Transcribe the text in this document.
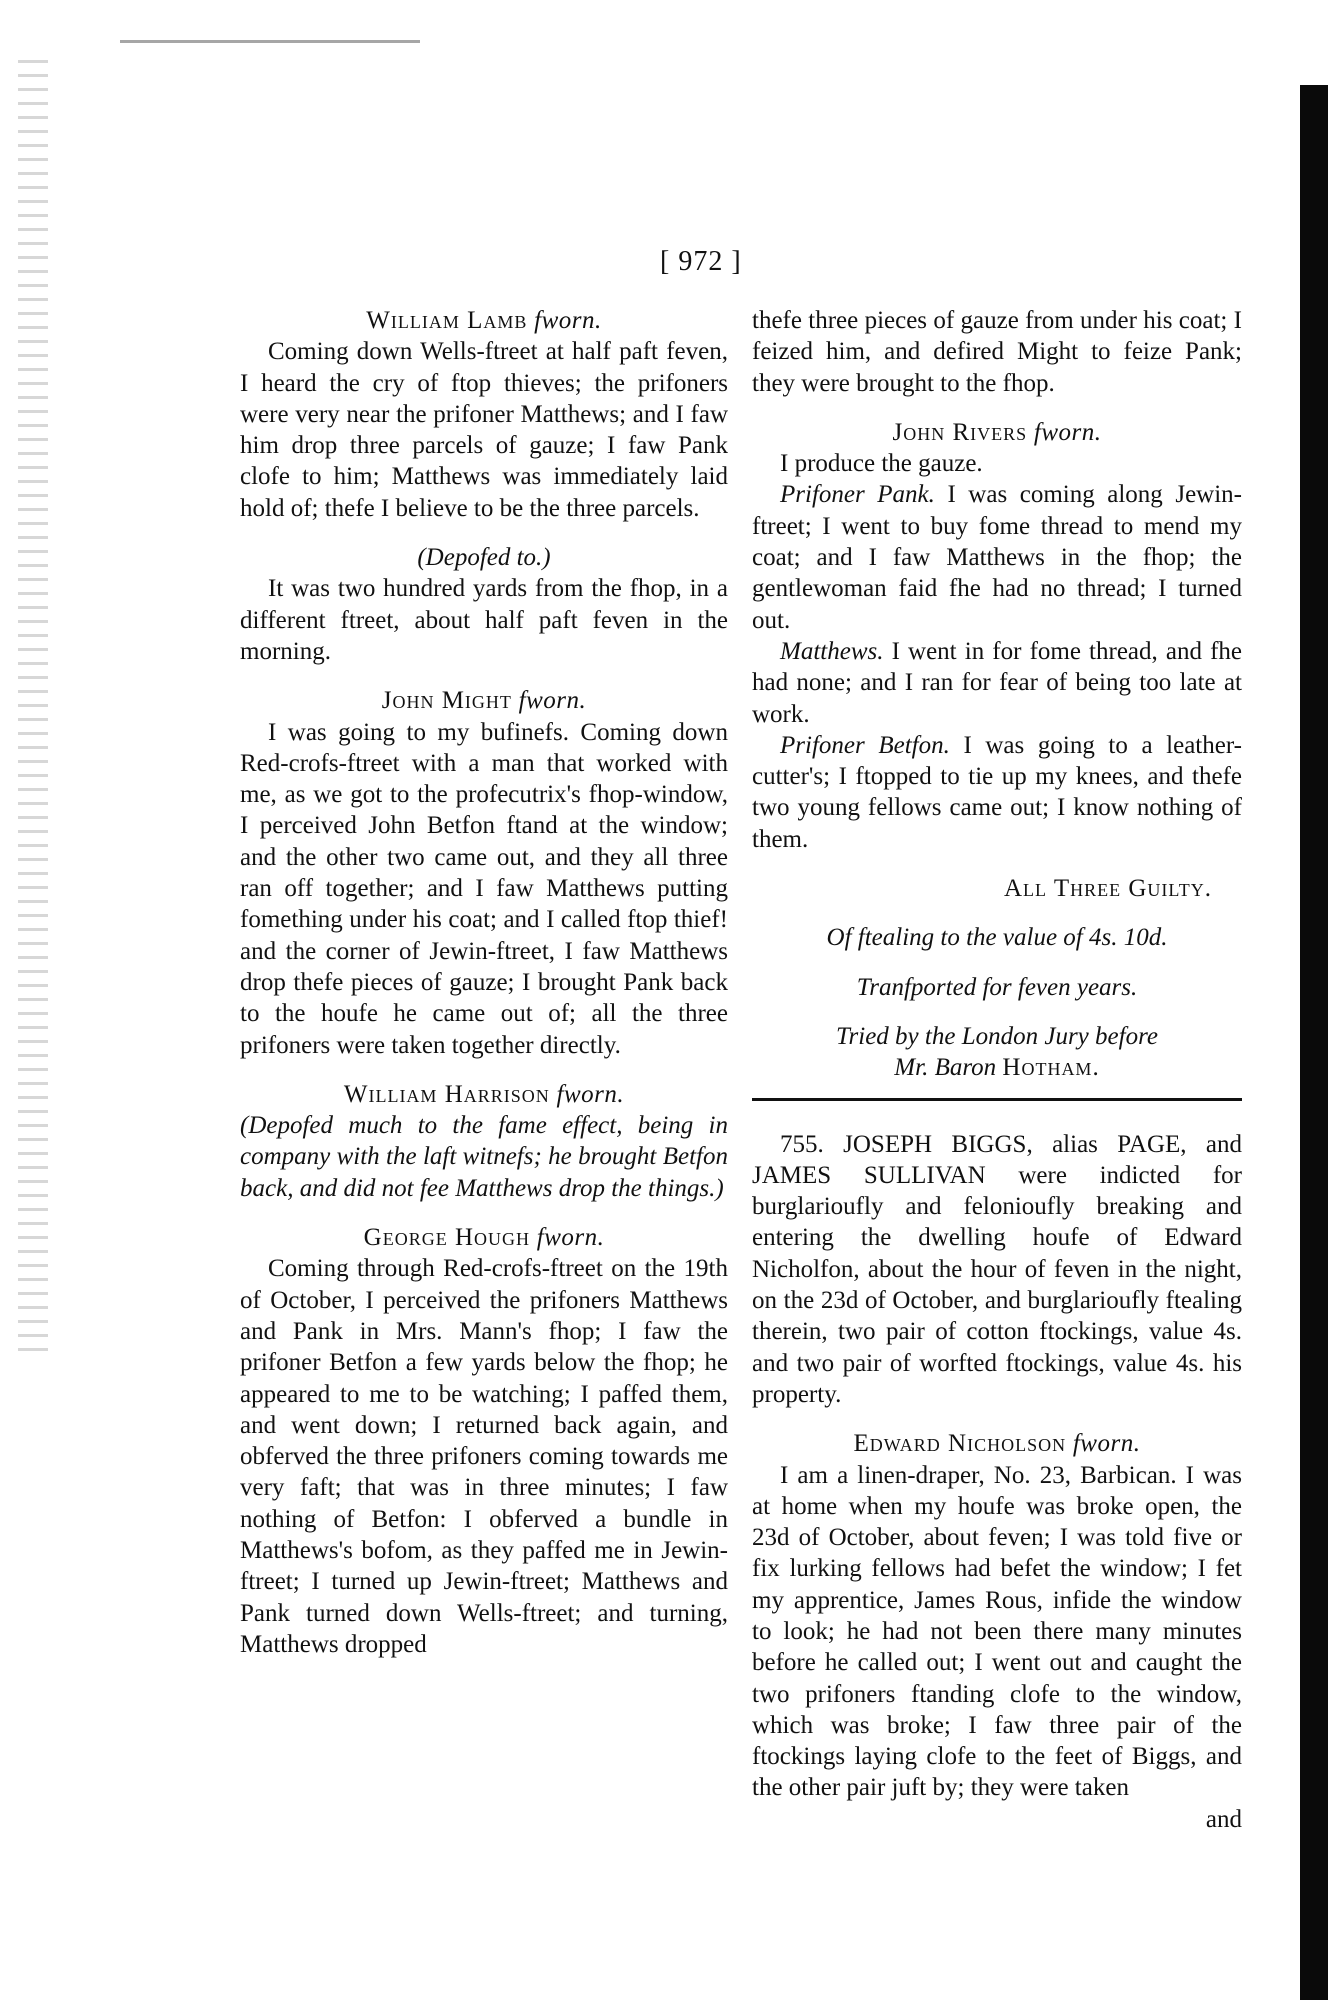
[ 972 ]

William Lamb fworn.

Coming down Wells-ftreet at half paft feven, I heard the cry of ftop thieves; the prifoners were very near the prifoner Matthews; and I faw him drop three parcels of gauze; I faw Pank clofe to him; Matthews was immediately laid hold of; thefe I believe to be the three parcels.

(Depofed to.)

It was two hundred yards from the fhop, in a different ftreet, about half paft feven in the morning.

John Might fworn.

I was going to my bufinefs. Coming down Red-crofs-ftreet with a man that worked with me, as we got to the profecutrix's fhop-window, I perceived John Betfon ftand at the window; and the other two came out, and they all three ran off together; and I faw Matthews putting fomething under his coat; and I called ftop thief! and the corner of Jewin-ftreet, I faw Matthews drop thefe pieces of gauze; I brought Pank back to the houfe he came out of; all the three prifoners were taken together directly.

William Harrison fworn.

(Depofed much to the fame effect, being in company with the laft witnefs; he brought Betfon back, and did not fee Matthews drop the things.)

George Hough fworn.

Coming through Red-crofs-ftreet on the 19th of October, I perceived the prifoners Matthews and Pank in Mrs. Mann's fhop; I faw the prifoner Betfon a few yards below the fhop; he appeared to me to be watching; I paffed them, and went down; I returned back again, and obferved the three prifoners coming towards me very faft; that was in three minutes; I faw nothing of Betfon: I obferved a bundle in Matthews's bofom, as they paffed me in Jewin-ftreet; I turned up Jewin-ftreet; Matthews and Pank turned down Wells-ftreet; and turning, Matthews dropped

thefe three pieces of gauze from under his coat; I feized him, and defired Might to feize Pank; they were brought to the fhop.

John Rivers fworn.

I produce the gauze.

Prifoner Pank. I was coming along Jewin-ftreet; I went to buy fome thread to mend my coat; and I faw Matthews in the fhop; the gentlewoman faid fhe had no thread; I turned out.

Matthews. I went in for fome thread, and fhe had none; and I ran for fear of being too late at work.

Prifoner Betfon. I was going to a leather-cutter's; I ftopped to tie up my knees, and thefe two young fellows came out; I know nothing of them.

All Three Guilty.

Of ftealing to the value of 4s. 10d.

Tranfported for feven years.

Tried by the London Jury before

Mr. Baron Hotham.

755. JOSEPH BIGGS, alias PAGE, and JAMES SULLIVAN were indicted for burglarioufly and felonioufly breaking and entering the dwelling houfe of Edward Nicholfon, about the hour of feven in the night, on the 23d of October, and burglarioufly ftealing therein, two pair of cotton ftockings, value 4s. and two pair of worfted ftockings, value 4s. his property.

Edward Nicholson fworn.

I am a linen-draper, No. 23, Barbican. I was at home when my houfe was broke open, the 23d of October, about feven; I was told five or fix lurking fellows had befet the window; I fet my apprentice, James Rous, infide the window to look; he had not been there many minutes before he called out; I went out and caught the two prifoners ftanding clofe to the window, which was broke; I faw three pair of the ftockings laying clofe to the feet of Biggs, and the other pair juft by; they were taken

and
